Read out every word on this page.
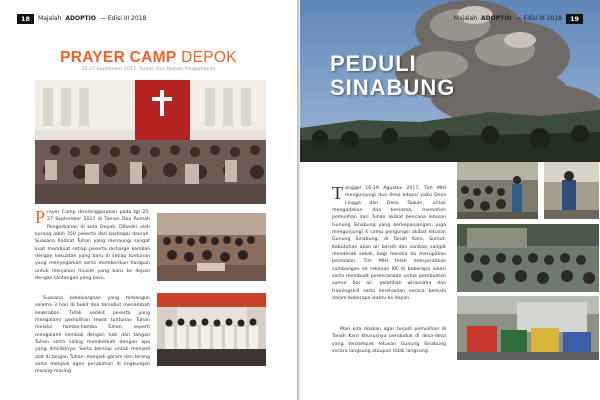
18	Majalah ADOPTIO — Edisi III 2018
PRAYER CAMP DEPOK
25-27 September 2017, Taman Doa Rumah Pengorbanan
Prayer Camp diselenggarakan pada tgl 25-27 September 2017 di Taman Doa Rumah Pengorbanan di kota Depok. Dihadiri oleh kurang lebih 350 peserta dari berbagai daerah. Suasana hadirat Tuhan yang menaungi sangat kuat membuat setiap peserta dicharge kembali dengan kekuatan yang baru di setiap tuntunan yang menyegarkan serta memberikan harapan untuk menjalani musim yang baru ke depan dengan tantangan yang baru.
Suasana kekeluargaan yang terbangun selama 3 hari di bukit doa tersebut menambah keakraban. Tidak sedikit peserta yang mengalami pemulihan lewat tuntunan Tuhan melalui hamba-hamba Tuhan, seperti mengalami kembali dengan hati dan tangan Tuhan serta saling memberkati dengan apa yang dimilikinya. Serta bersiap untuk menjadi alat di tangan Tuhan, menjadi garam dan terang serta menjadi agen perubahan di lingkungan masing-masing.
Majalah ADOPTIO — Edisi III 2018	19
Tanggal 16-19 Agustus 2017, Tim MHI mengunjungi dua desa adopsi yaitu Desa Lingga dan Desa Dokan, untuk mengadakan doa bersama, memohon pemulihan dari Tuhan akibat bencana letusan Gunung Sinabung yang berkepanjangan, juga mengunjungi 4 camp pengungsi akibat letusan Gunung Sinabung, di Tanah Karo, Sumut. Kebutuhan akan air bersih dan sanitasi sangat mendesak sekali, bagi mereka itu merupakan persoalan. Tim MHI telah menyerahkan sumbangan ke rekanan KK di beberapa lokasi serta membuat perencanaan untuk pembuatan sumur bor air, pelatihan wirausaha dan trainingskill serta kerohanian secara berkala dalam beberapa waktu ke depan.
Mari kita doakan agar terjadi pemulihan di Tanah Karo khususnya penduduk di desa-desa yang terdampak letusan Gunung Sinabung secara langsung ataupun tidak langsung.
PEDULI
SINABUNG
